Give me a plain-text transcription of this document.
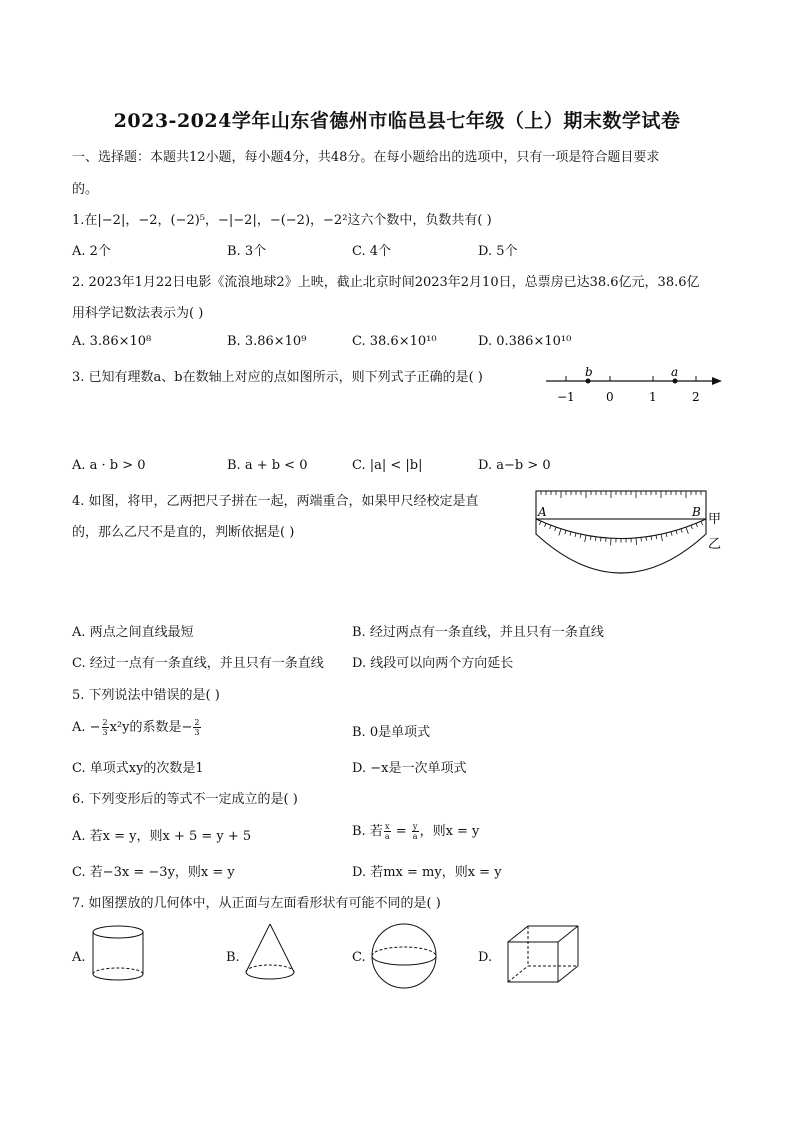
2023-2024学年山东省德州市临邑县七年级（上）期末数学试卷
一、选择题：本题共12小题，每小题4分，共48分。在每小题给出的选项中，只有一项是符合题目要求
的。
1.在|−2|，−2，(−2)⁵，−|−2|，−(−2)，−2²这六个数中，负数共有( )
A. 2个	B. 3个	C. 4个	D. 5个
2. 2023年1月22日电影《流浪地球2》上映，截止北京时间2023年2月10日，总票房已达38.6亿元，38.6亿
用科学记数法表示为( )
A. 3.86×10⁸	B. 3.86×10⁹	C. 38.6×10¹⁰	D. 0.386×10¹⁰
3. 已知有理数a、b在数轴上对应的点如图所示，则下列式子正确的是( )	b	a
−1	0	1	2
A. a · b > 0	B. a + b < 0	C. |a| < |b|	D. a−b > 0
4. 如图，将甲，乙两把尺子拼在一起，两端重合，如果甲尺经校定是直
的，那么乙尺不是直的，判断依据是( )
A	B 甲
乙
A. 两点之间直线最短	B. 经过两点有一条直线，并且只有一条直线
C. 经过一点有一条直线，并且只有一条直线 D. 线段可以向两个方向延长
5. 下列说法中错误的是( )
A. − $\frac{2}{3} x^2y$的系数是− $\frac{2}{3}$	B. 0是单项式
C. 单项式xy的次数是1	D. −x是一次单项式
6. 下列变形后的等式不一定成立的是( )
A. 若x = y，则x + 5 = y + 5	B. 若 $\frac{x}{a} = \frac{y}{a}$ ，则x = y
C. 若−3x = −3y，则x = y	D. 若mx = my，则x = y
7. 如图摆放的几何体中，从正面与左面看形状有可能不同的是( )
A.	B.	C.	D.
